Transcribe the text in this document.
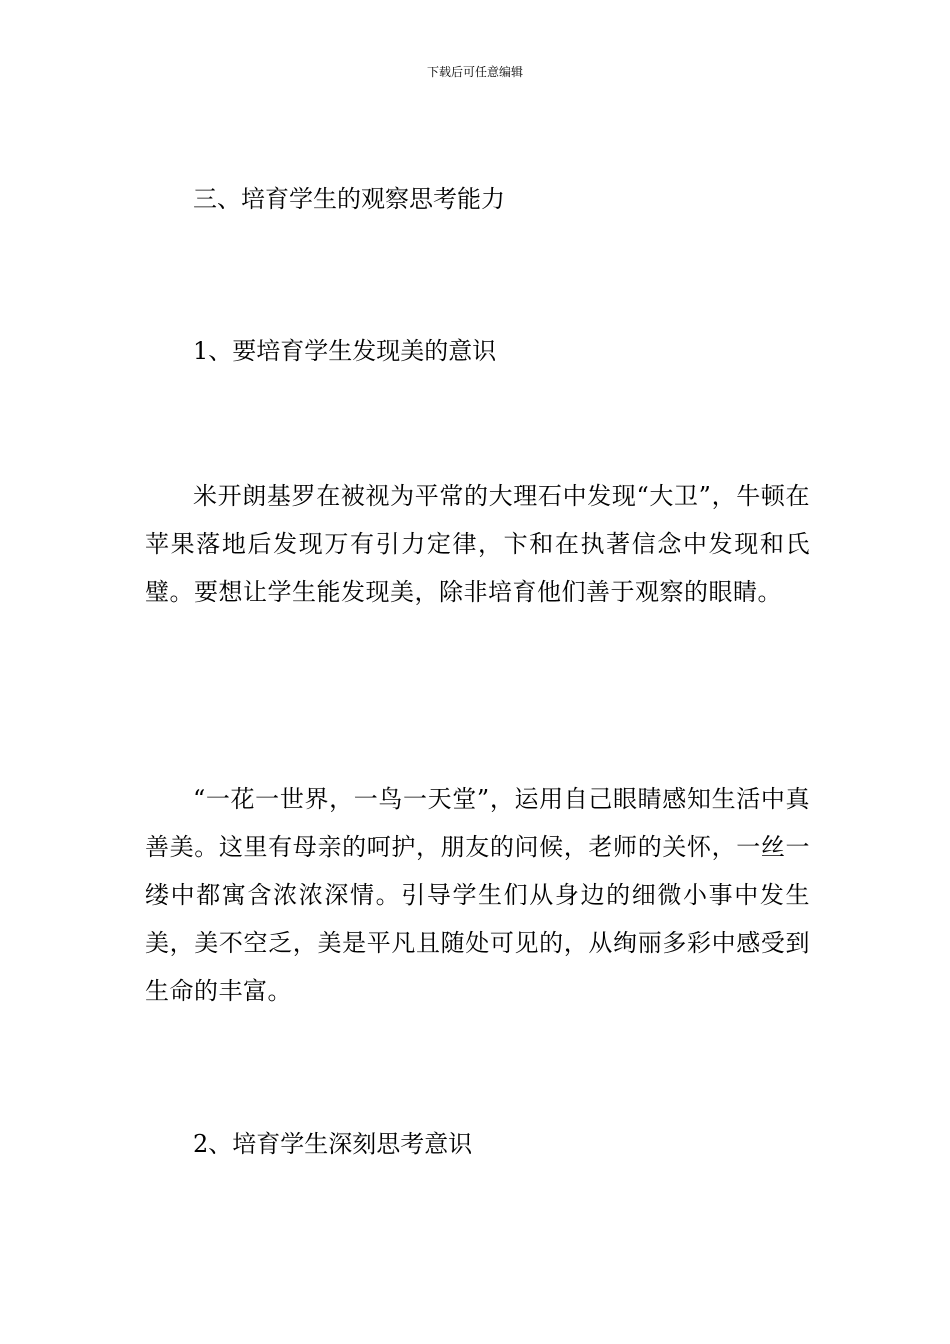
下载后可任意编辑
三、培育学生的观察思考能力
1、要培育学生发现美的意识
米开朗基罗在被视为平常的大理石中发现“大卫”，牛顿在苹果落地后发现万有引力定律，卞和在执著信念中发现和氏璧。要想让学生能发现美，除非培育他们善于观察的眼睛。
“一花一世界，一鸟一天堂”，运用自己眼睛感知生活中真善美。这里有母亲的呵护，朋友的问候，老师的关怀，一丝一缕中都寓含浓浓深情。引导学生们从身边的细微小事中发生美，美不空乏，美是平凡且随处可见的，从绚丽多彩中感受到生命的丰富。
2、培育学生深刻思考意识
